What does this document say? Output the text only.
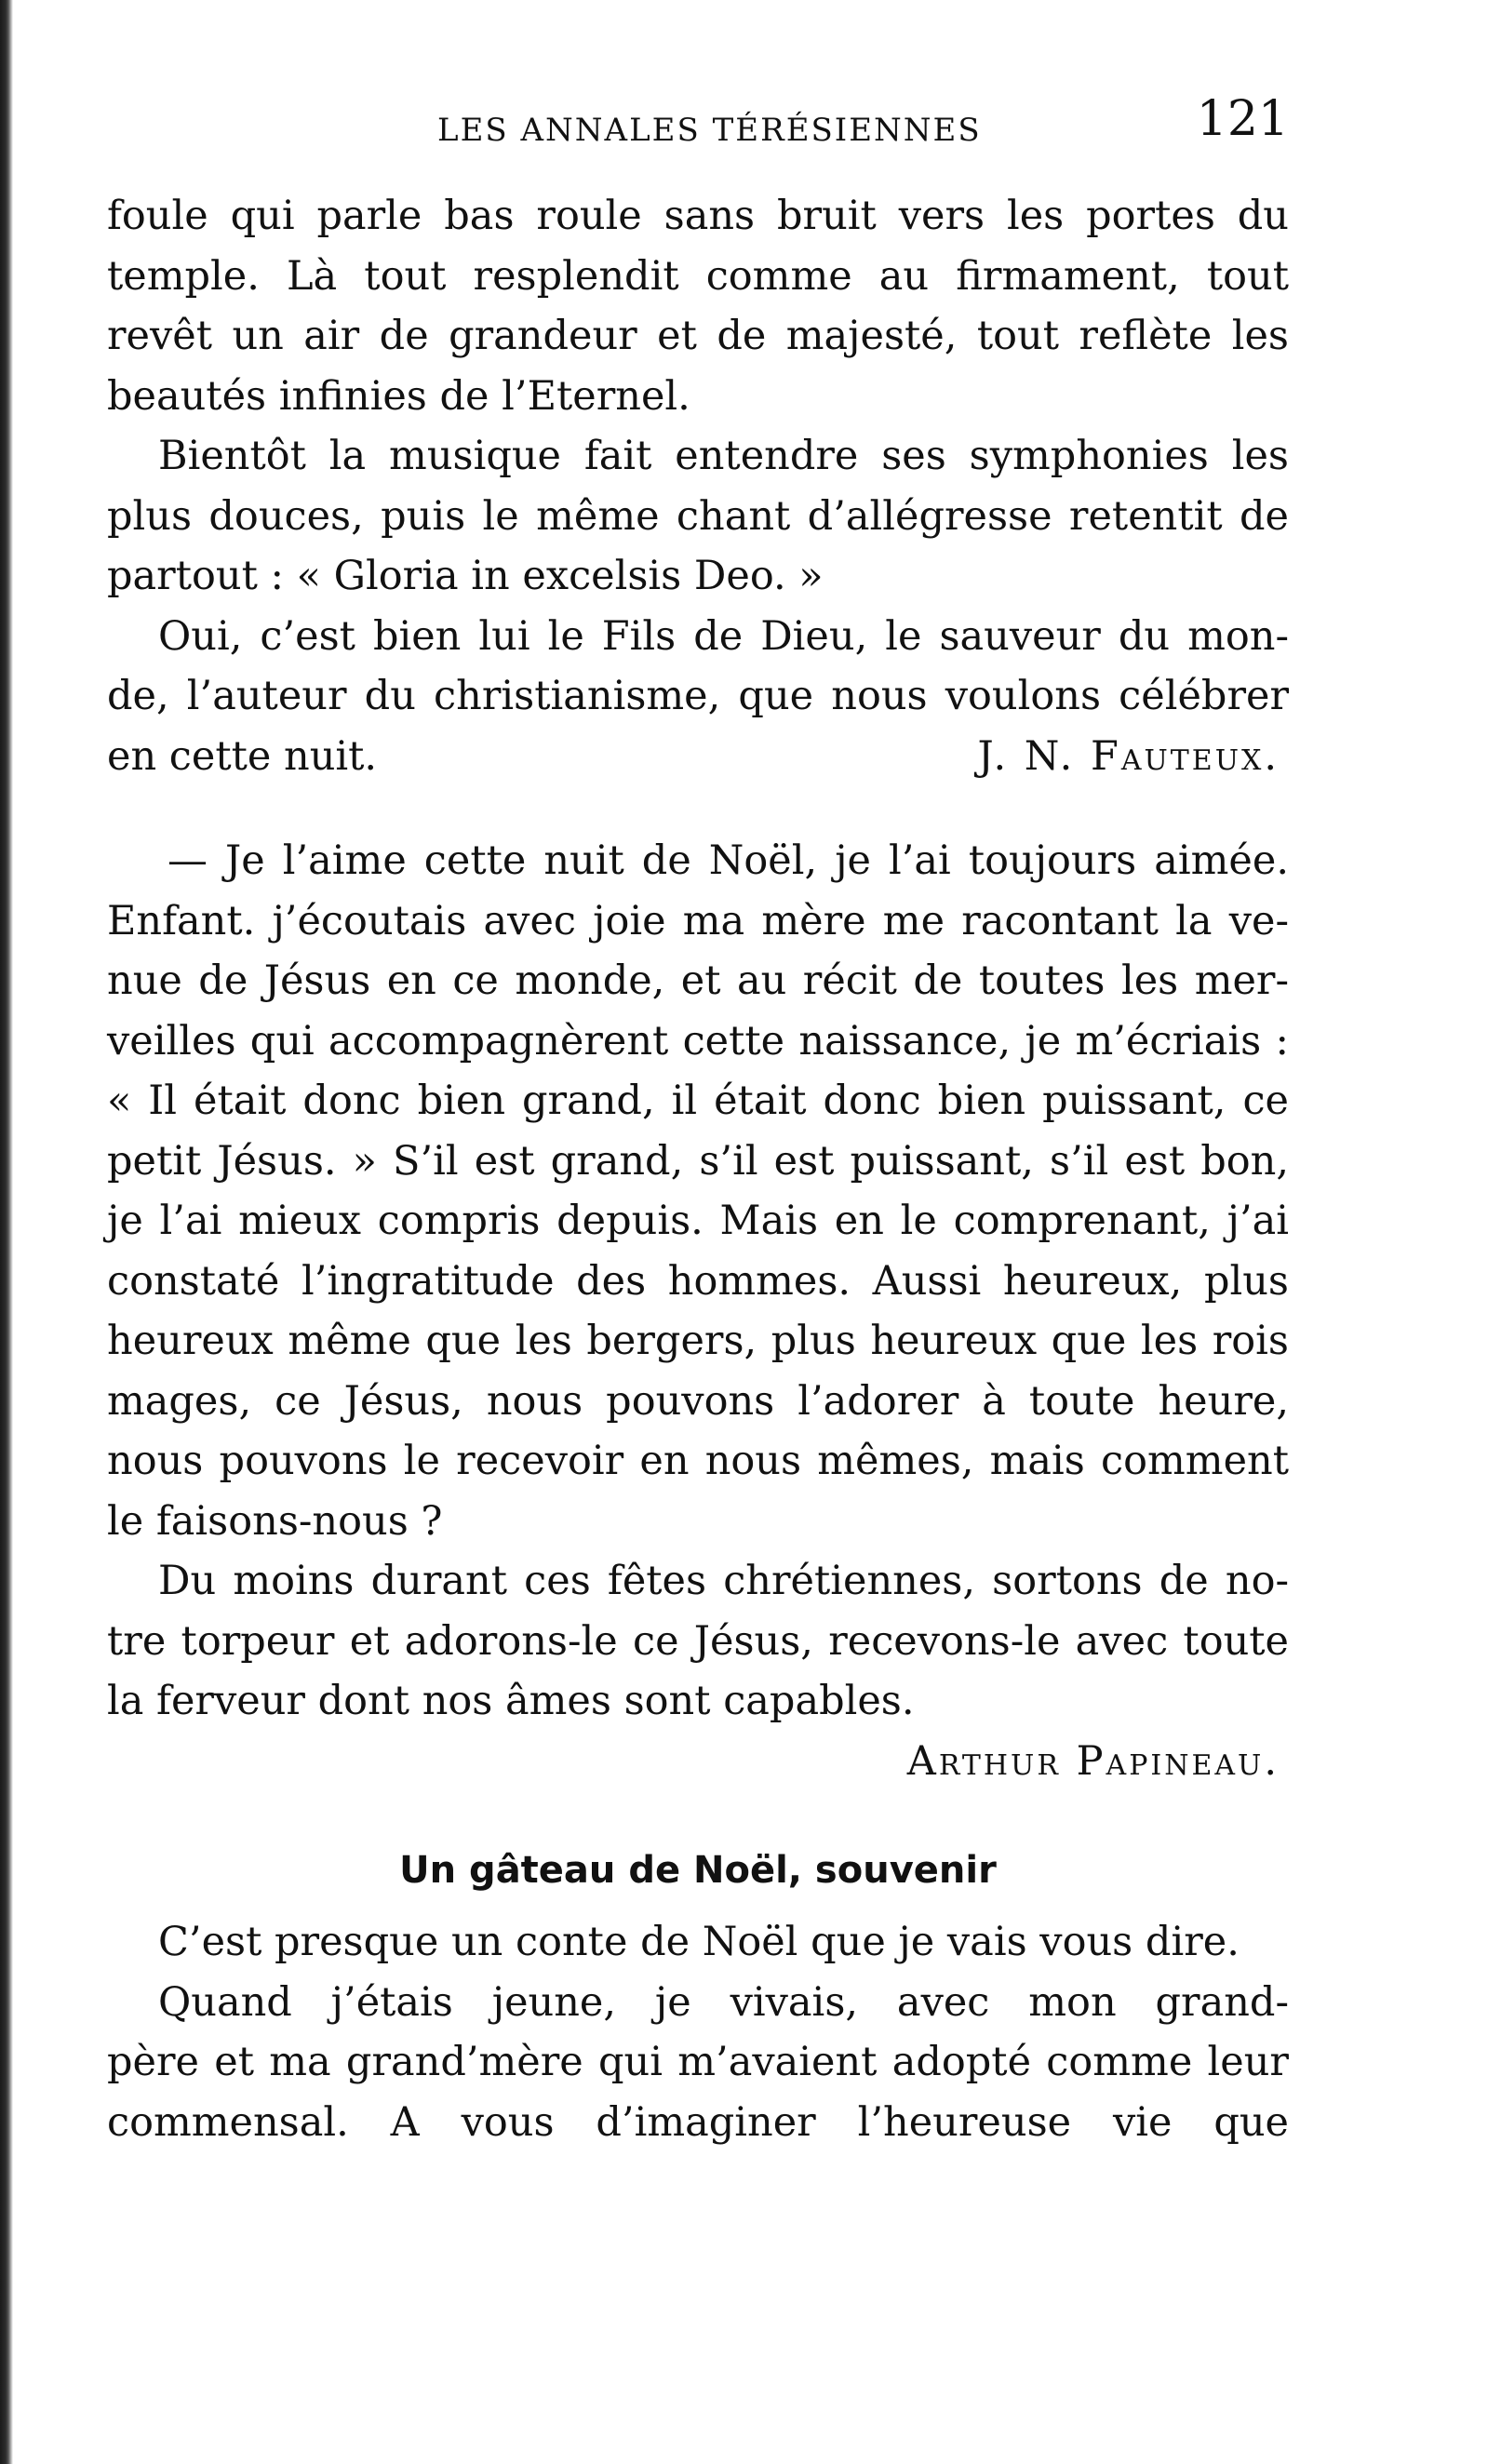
LES ANNALES TÉRÉSIENNES	121
foule qui parle bas roule sans bruit vers les portes du
temple. Là tout resplendit comme au firmament, tout
revêt un air de grandeur et de majesté, tout reflète les
beautés infinies de l’Eternel.
Bientôt la musique fait entendre ses symphonies les
plus douces, puis le même chant d’allégresse retentit de
partout : « Gloria in excelsis Deo. »
Oui, c’est bien lui le Fils de Dieu, le sauveur du mon-
de, l’auteur du christianisme, que nous voulons célébrer
en cette nuit.	J. N. Fauteux.
— Je l’aime cette nuit de Noël, je l’ai toujours aimée.
Enfant. j’écoutais avec joie ma mère me racontant la ve-
nue de Jésus en ce monde, et au récit de toutes les mer-
veilles qui accompagnèrent cette naissance, je m’écriais :
« Il était donc bien grand, il était donc bien puissant, ce
petit Jésus. » S’il est grand, s’il est puissant, s’il est bon,
je l’ai mieux compris depuis. Mais en le comprenant, j’ai
constaté l’ingratitude des hommes. Aussi heureux, plus
heureux même que les bergers, plus heureux que les rois
mages, ce Jésus, nous pouvons l’adorer à toute heure,
nous pouvons le recevoir en nous mêmes, mais comment
le faisons-nous ?
Du moins durant ces fêtes chrétiennes, sortons de no-
tre torpeur et adorons-le ce Jésus, recevons-le avec toute
la ferveur dont nos âmes sont capables.
Arthur Papineau.
Un gâteau de Noël, souvenir
C’est presque un conte de Noël que je vais vous dire.
Quand j’étais jeune, je vivais, avec mon grand-
père et ma grand’mère qui m’avaient adopté comme leur
commensal. A vous d’imaginer l’heureuse vie que
